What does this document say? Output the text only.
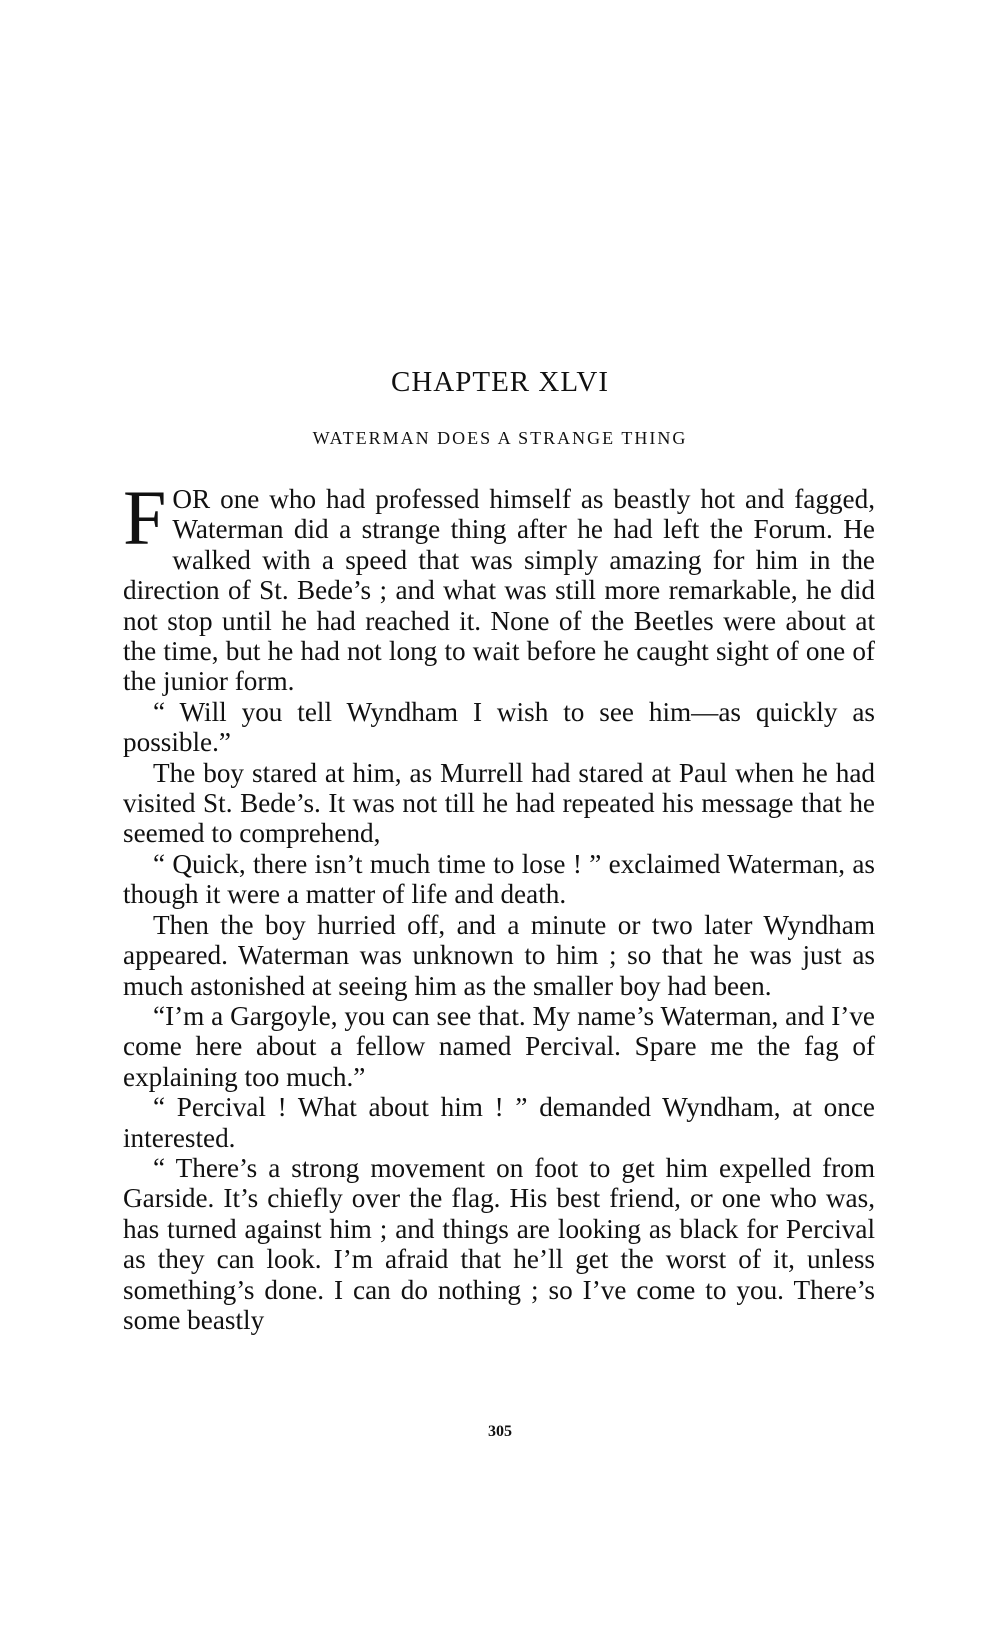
CHAPTER XLVI
WATERMAN DOES A STRANGE THING

FOR one who had professed himself as beastly hot and fagged, Waterman did a strange thing after he had left the Forum. He walked with a speed that was simply amazing for him in the direction of St. Bede’s ; and what was still more remarkable, he did not stop until he had reached it. None of the Beetles were about at the time, but he had not long to wait before he caught sight of one of the junior form.

“ Will you tell Wyndham I wish to see him—as quickly as possible.”

The boy stared at him, as Murrell had stared at Paul when he had visited St. Bede’s. It was not till he had repeated his message that he seemed to comprehend,

“ Quick, there isn’t much time to lose ! ” exclaimed Waterman, as though it were a matter of life and death.

Then the boy hurried off, and a minute or two later Wyndham appeared. Waterman was unknown to him ; so that he was just as much astonished at seeing him as the smaller boy had been.

“I’m a Gargoyle, you can see that. My name’s Waterman, and I’ve come here about a fellow named Percival. Spare me the fag of explaining too much.”

“ Percival ! What about him ! ” demanded Wyndham, at once interested.

“ There’s a strong movement on foot to get him expelled from Garside. It’s chiefly over the flag. His best friend, or one who was, has turned against him ; and things are looking as black for Percival as they can look. I’m afraid that he’ll get the worst of it, unless something’s done. I can do nothing ; so I’ve come to you. There’s some beastly

305
